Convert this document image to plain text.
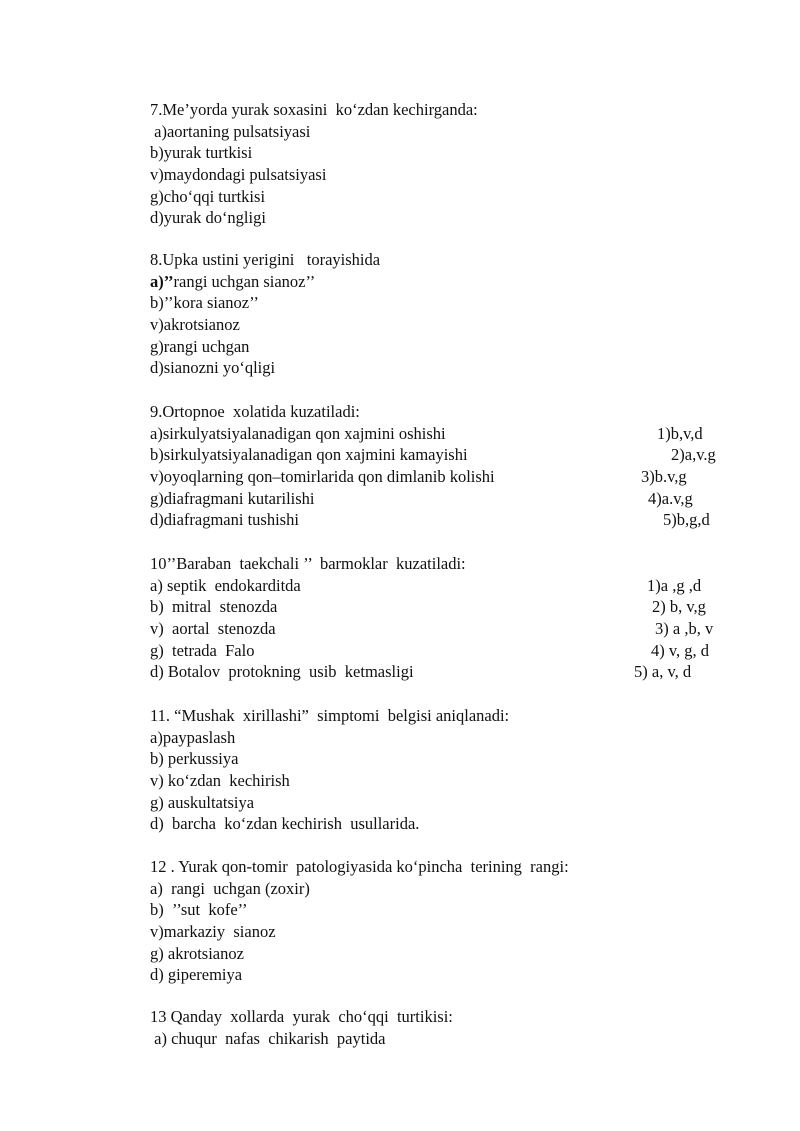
7.Me’yorda yurak soxasini  ko‘zdan kechirganda:
a)aortaning pulsatsiyasi
b)yurak turtkisi
v)maydondagi pulsatsiyasi
g)cho‘qqi turtkisi
d)yurak do‘ngligi
8.Upka ustini yerigini   torayishida
a)’’rangi uchgan sianoz’’
b)’’kora sianoz’’
v)akrotsianoz
g)rangi uchgan
d)sianozni yo‘qligi
9.Ortopnoe  xolatida kuzatiladi:
a)sirkulyatsiyalanadigan qon xajmini oshishi	1)b,v,d
b)sirkulyatsiyalanadigan qon xajmini kamayishi	2)a,v.g
v)oyoqlarning qon–tomirlarida qon dimlanib kolishi	3)b.v,g
g)diafragmani kutarilishi	4)a.v,g
d)diafragmani tushishi	5)b,g,d
10’’Baraban  taekchali ’’  barmoklar  kuzatiladi:
a) septik  endokarditda	1)a ,g ,d
b)  mitral  stenozda	2) b, v,g
v)  aortal  stenozda	3) a ,b, v
g)  tetrada  Falo	4) v, g, d
d) Botalov  protokning  usib  ketmasligi	5) a, v, d
11. “Mushak  xirillashi”  simptomi  belgisi aniqlanadi:
a)paypaslash
b) perkussiya
v) ko‘zdan  kechirish
g) auskultatsiya
d)  barcha  ko‘zdan kechirish  usullarida.
12 . Yurak qon-tomir  patologiyasida ko‘pincha  terining  rangi:
a)  rangi  uchgan (zoxir)
b)  ’’sut  kofe’’
v)markaziy  sianoz
g) akrotsianoz
d) giperemiya
13 Qanday  xollarda  yurak  cho‘qqi  turtikisi:
a) chuqur  nafas  chikarish  paytida
